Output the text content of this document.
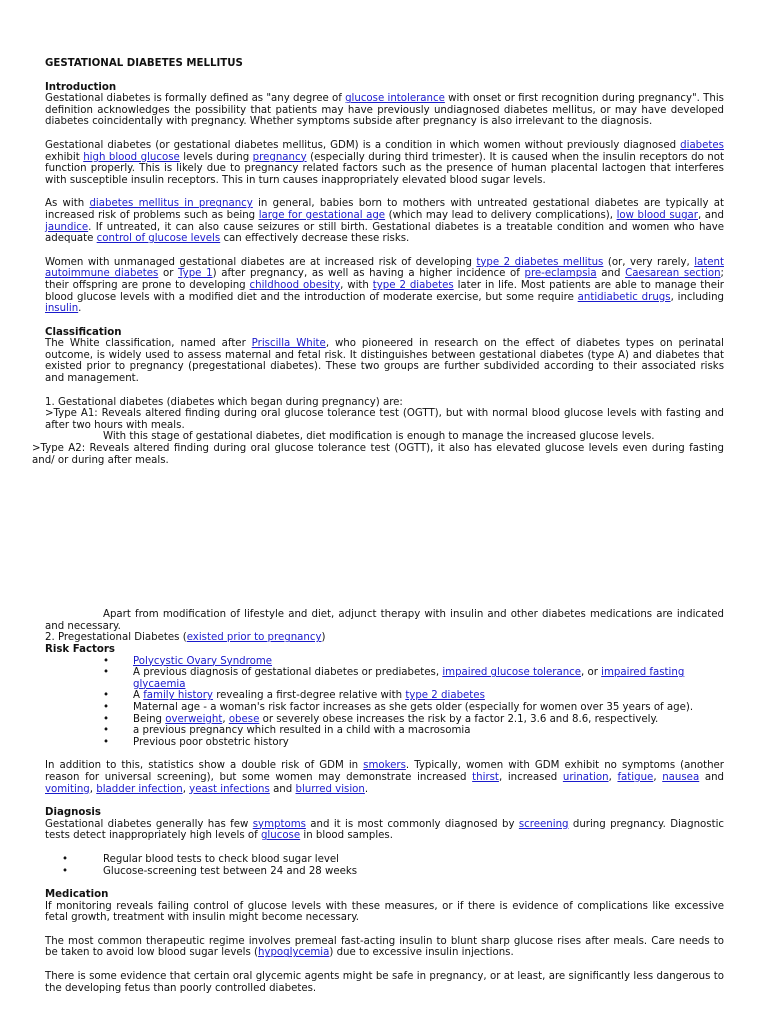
GESTATIONAL DIABETES MELLITUS
Introduction

Gestational diabetes is formally defined as "any degree of glucose intolerance with onset or first recognition during pregnancy". This definition acknowledges the possibility that patients may have previously undiagnosed diabetes mellitus, or may have developed diabetes coincidentally with pregnancy. Whether symptoms subside after pregnancy is also irrelevant to the diagnosis.

Gestational diabetes (or gestational diabetes mellitus, GDM) is a condition in which women without previously diagnosed diabetes exhibit high blood glucose levels during pregnancy (especially during third trimester). It is caused when the insulin receptors do not function properly. This is likely due to pregnancy related factors such as the presence of human placental lactogen that interferes with susceptible insulin receptors. This in turn causes inappropriately elevated blood sugar levels.

As with diabetes mellitus in pregnancy in general, babies born to mothers with untreated gestational diabetes are typically at increased risk of problems such as being large for gestational age (which may lead to delivery complications), low blood sugar, and jaundice. If untreated, it can also cause seizures or still birth. Gestational diabetes is a treatable condition and women who have adequate control of glucose levels can effectively decrease these risks.

Women with unmanaged gestational diabetes are at increased risk of developing type 2 diabetes mellitus (or, very rarely, latent autoimmune diabetes or Type 1) after pregnancy, as well as having a higher incidence of pre-eclampsia and Caesarean section; their offspring are prone to developing childhood obesity, with type 2 diabetes later in life. Most patients are able to manage their blood glucose levels with a modified diet and the introduction of moderate exercise, but some require antidiabetic drugs, including insulin.

Classification

The White classification, named after Priscilla White, who pioneered in research on the effect of diabetes types on perinatal outcome, is widely used to assess maternal and fetal risk. It distinguishes between gestational diabetes (type A) and diabetes that existed prior to pregnancy (pregestational diabetes). These two groups are further subdivided according to their associated risks and management.

1. Gestational diabetes (diabetes which began during pregnancy) are:

>Type A1: Reveals altered finding during oral glucose tolerance test (OGTT), but with normal blood glucose levels with fasting and after two hours with meals.

With this stage of gestational diabetes, diet modification is enough to manage the increased glucose levels.

>Type A2: Reveals altered finding during oral glucose tolerance test (OGTT), it also has elevated glucose levels even during fasting and/ or during after meals.

Apart from modification of lifestyle and diet, adjunct therapy with insulin and other diabetes medications are indicated and necessary.

2. Pregestational Diabetes (existed prior to pregnancy)

Risk Factors
• Polycystic Ovary Syndrome
• A previous diagnosis of gestational diabetes or prediabetes, impaired glucose tolerance, or impaired fasting glycaemia
• A family history revealing a first-degree relative with type 2 diabetes
• Maternal age - a woman's risk factor increases as she gets older (especially for women over 35 years of age).
• Being overweight, obese or severely obese increases the risk by a factor 2.1, 3.6 and 8.6, respectively.
• a previous pregnancy which resulted in a child with a macrosomia
• Previous poor obstetric history

In addition to this, statistics show a double risk of GDM in smokers. Typically, women with GDM exhibit no symptoms (another reason for universal screening), but some women may demonstrate increased thirst, increased urination, fatigue, nausea and vomiting, bladder infection, yeast infections and blurred vision.

Diagnosis

Gestational diabetes generally has few symptoms and it is most commonly diagnosed by screening during pregnancy. Diagnostic tests detect inappropriately high levels of glucose in blood samples.

•	Regular blood tests to check blood sugar level
•	Glucose-screening test between 24 and 28 weeks
Medication

If monitoring reveals failing control of glucose levels with these measures, or if there is evidence of complications like excessive fetal growth, treatment with insulin might become necessary.

The most common therapeutic regime involves premeal fast-acting insulin to blunt sharp glucose rises after meals. Care needs to be taken to avoid low blood sugar levels (hypoglycemia) due to excessive insulin injections.

There is some evidence that certain oral glycemic agents might be safe in pregnancy, or at least, are significantly less dangerous to the developing fetus than poorly controlled diabetes.
